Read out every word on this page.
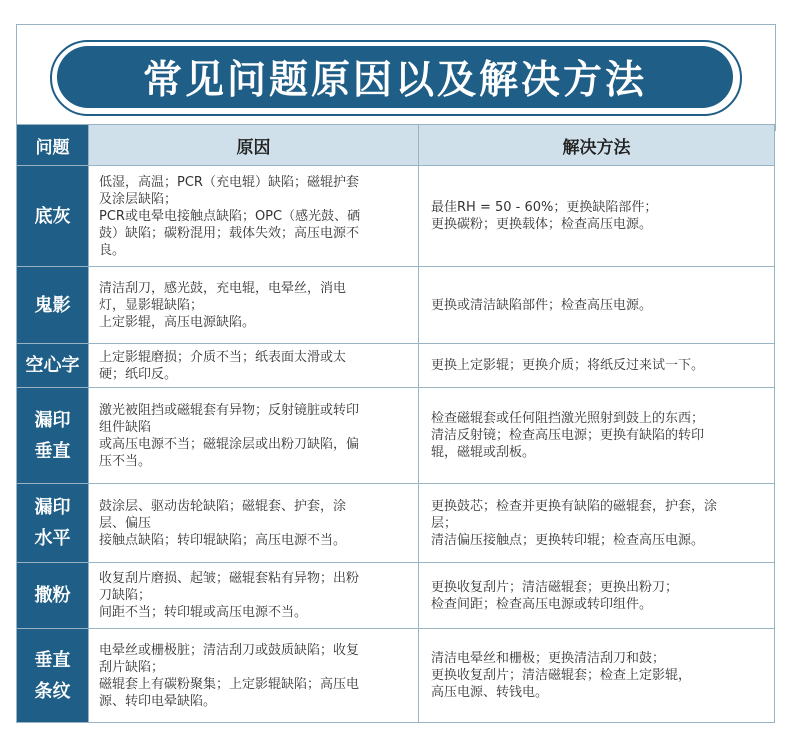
常见问题原因以及解决方法
问题	原因	解决方法

底灰	低湿，高温；PCR（充电辊）缺陷；磁辊护套
及涂层缺陷；
PCR或电晕电接触点缺陷；OPC（感光鼓、硒
鼓）缺陷；碳粉混用；载体失效；高压电源不
良。	最佳RH = 50 - 60%；更换缺陷部件；
更换碳粉；更换载体；检查高压电源。

鬼影	清洁刮刀，感光鼓，充电辊，电晕丝，消电
灯，显影辊缺陷；
上定影辊，高压电源缺陷。	更换或清洁缺陷部件；检查高压电源。

空心字	上定影辊磨损；介质不当；纸表面太滑或太
硬；纸印反。	更换上定影辊；更换介质；将纸反过来试一下。

漏印
垂直	激光被阻挡或磁辊套有异物；反射镜脏或转印
组件缺陷
或高压电源不当；磁辊涂层或出粉刀缺陷，偏
压不当。	检查磁辊套或任何阻挡激光照射到鼓上的东西；
清洁反射镜；检查高压电源；更换有缺陷的转印
辊，磁辊或刮板。

漏印
水平	鼓涂层、驱动齿轮缺陷；磁辊套、护套，涂
层、偏压
接触点缺陷；转印辊缺陷；高压电源不当。	更换鼓芯；检查并更换有缺陷的磁辊套，护套，涂
层；
清洁偏压接触点；更换转印辊；检查高压电源。

撒粉	收复刮片磨损、起皱；磁辊套粘有异物；出粉
刀缺陷；
间距不当；转印辊或高压电源不当。	更换收复刮片；清洁磁辊套；更换出粉刀；
检查间距；检查高压电源或转印组件。

垂直
条纹	电晕丝或栅极脏；清洁刮刀或鼓质缺陷；收复
刮片缺陷；
磁辊套上有碳粉聚集；上定影辊缺陷；高压电
源、转印电晕缺陷。	清洁电晕丝和栅极；更换清洁刮刀和鼓；
更换收复刮片；清洁磁辊套；检查上定影辊，
高压电源、转钱电。
